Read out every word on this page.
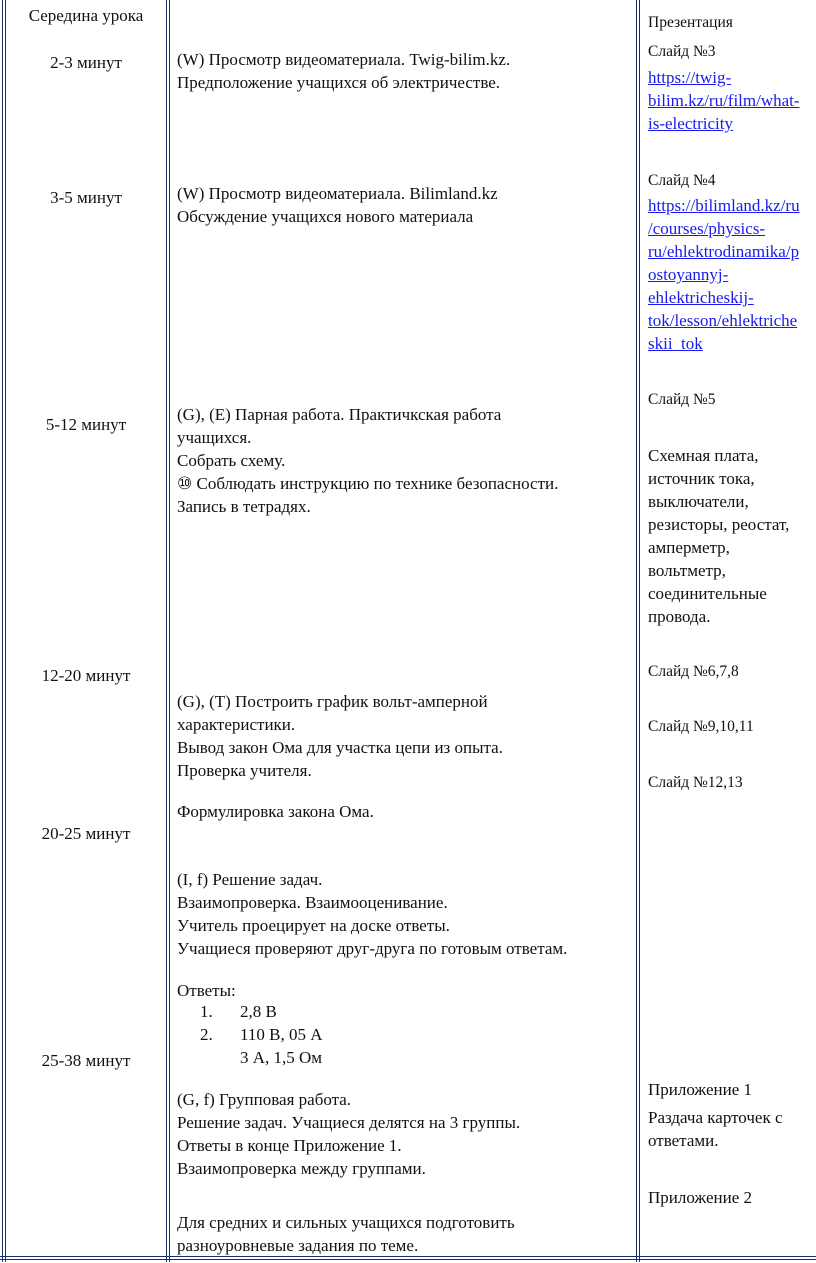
Середина урока
2-3 минут
3-5 минут
5-12 минут
12-20 минут
20-25 минут
25-38 минут
(W) Просмотр видеоматериала. Twig-bilim.kz.
Предположение учащихся об электричестве.
(W) Просмотр видеоматериала. Bilimland.kz
Обсуждение учащихся нового материала
(G), (E) Парная работа. Практичкская работа
учащихся.
Собрать схему.
⑩ Соблюдать инструкцию по технике безопасности.
Запись в тетрадях.
(G), (T) Построить график вольт-амперной
характеристики.
Вывод закон Ома для участка цепи из опыта.
Проверка учителя.
Формулировка закона Ома.
(I, f) Решение задач.
Взаимопроверка. Взаимооценивание.
Учитель проецирует на доске ответы.
Учащиеся проверяют друг-друга по готовым ответам.
Ответы:
1. 2,8 В
2. 110 В, 05 А
3 А, 1,5 Ом
(G, f) Групповая работа.
Решение задач. Учащиеся делятся на 3 группы.
Ответы в конце Приложение 1.
Взаимопроверка между группами.
Для средних и сильных учащихся подготовить
разноуровневые задания по теме.
Презентация
Слайд №3
https://twig-
bilim.kz/ru/film/what-
is-electricity
Слайд №4
https://bilimland.kz/ru
/courses/physics-
ru/ehlektrodinamika/p
ostoyannyj-
ehlektricheskij-
tok/lesson/ehlektriche
skii_tok
Слайд №5
Схемная плата,
источник тока,
выключатели,
резисторы, реостат,
амперметр,
вольтметр,
соединительные
провода.
Слайд №6,7,8
Слайд №9,10,11
Слайд №12,13
Приложение 1
Раздача карточек с
ответами.
Приложение 2
